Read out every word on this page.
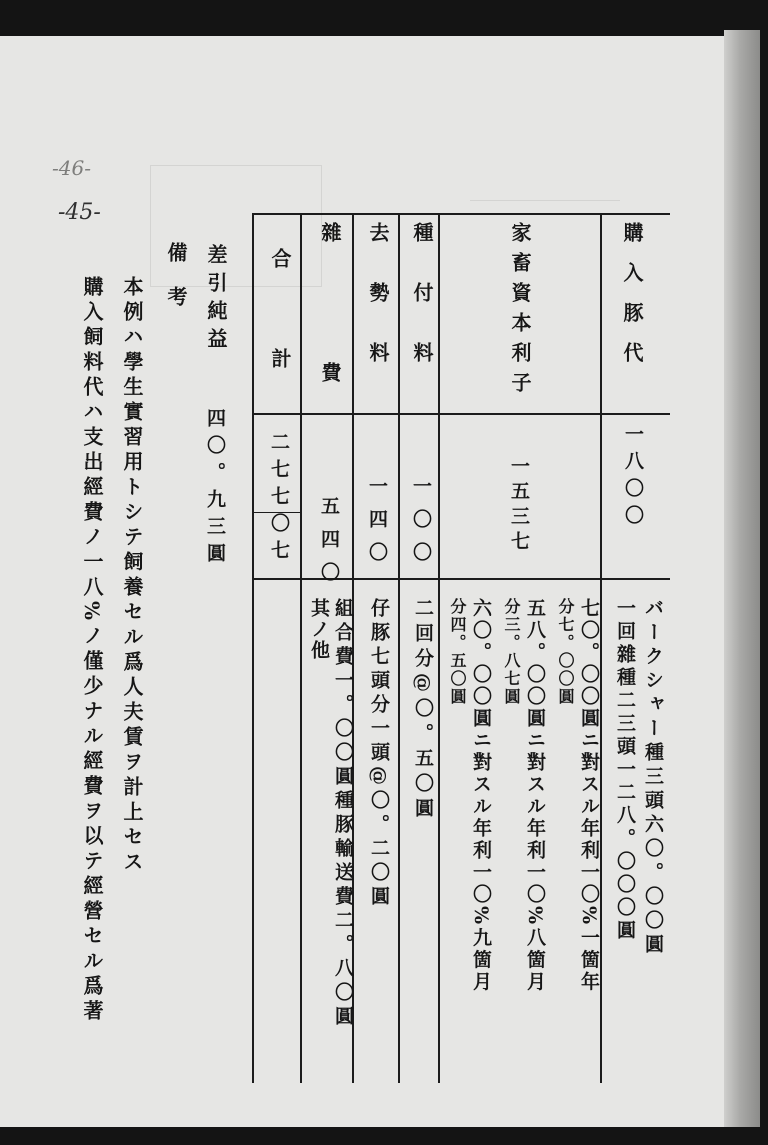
-46-
-45-
購入豚代
家畜資本利子
種付料
去勢料
雜費
合計
一八〇〇
一五三七
一〇〇
一四〇
五四〇
二七七〇七
バークシャー種三頭六〇。〇〇圓
一回雜種二三頭一二八。〇〇〇圓
七〇。〇〇圓ニ對スル年利一〇%一箇年
分七。〇〇圓
五八。〇〇圓ニ對スル年利一〇%八箇月
分三。八七圓
六〇。〇〇圓ニ對スル年利一〇%九箇月
分四。五〇圓
二回分@〇。五〇圓
仔豚七頭分一頭@〇。二〇圓
組合費一。〇〇圓種豚輸送費二。八〇圓
其ノ他
差引純益
四〇。九三圓
備考
本例ハ學生實習用トシテ飼養セル爲人夫賃ヲ計上セス
購入飼料代ハ支出經費ノ一八%ノ僅少ナル經費ヲ以テ經營セル爲著
